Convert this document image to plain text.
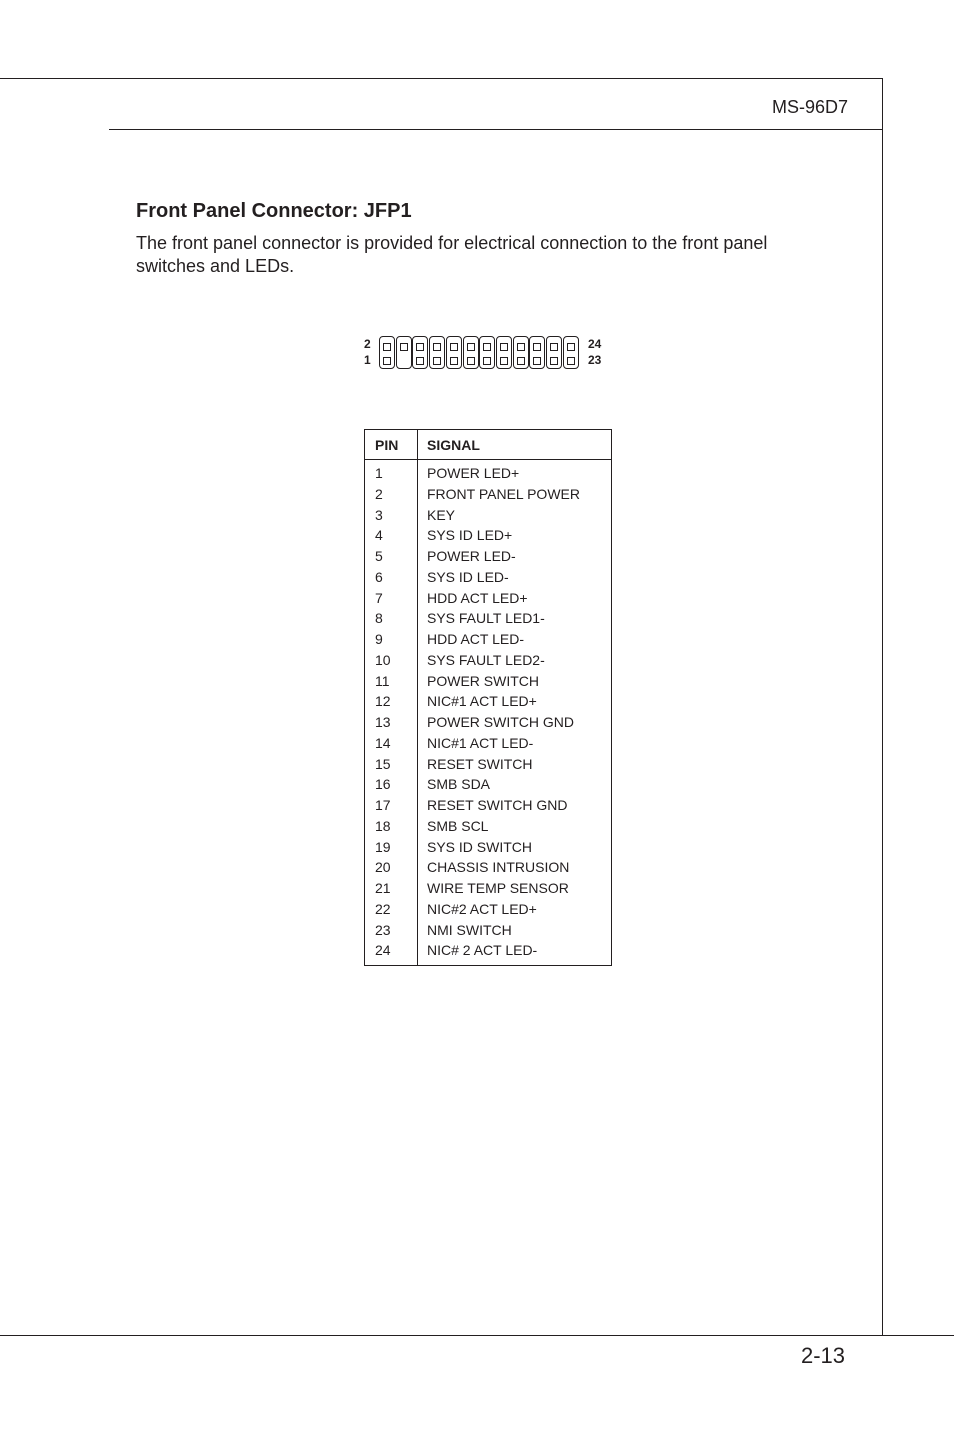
MS-96D7
Front Panel Connector: JFP1

The front panel connector is provided for electrical connection to the front panel switches and LEDs.

2
1
24
23
PIN SIGNAL
1	POWER LED+
2	FRONT PANEL POWER
3	KEY
4	SYS ID LED+
5	POWER LED-
6	SYS ID LED-
7	HDD ACT LED+
8	SYS FAULT LED1-
9	HDD ACT LED-
10	SYS FAULT LED2-
11	POWER SWITCH
12	NIC#1 ACT LED+
13	POWER SWITCH GND
14	NIC#1 ACT LED-
15	RESET SWITCH
16	SMB SDA
17	RESET SWITCH GND
18	SMB SCL
19	SYS ID SWITCH
20	CHASSIS INTRUSION
21	WIRE TEMP SENSOR
22	NIC#2 ACT LED+
23	NMI SWITCH
24	NIC# 2 ACT LED-
2-13
